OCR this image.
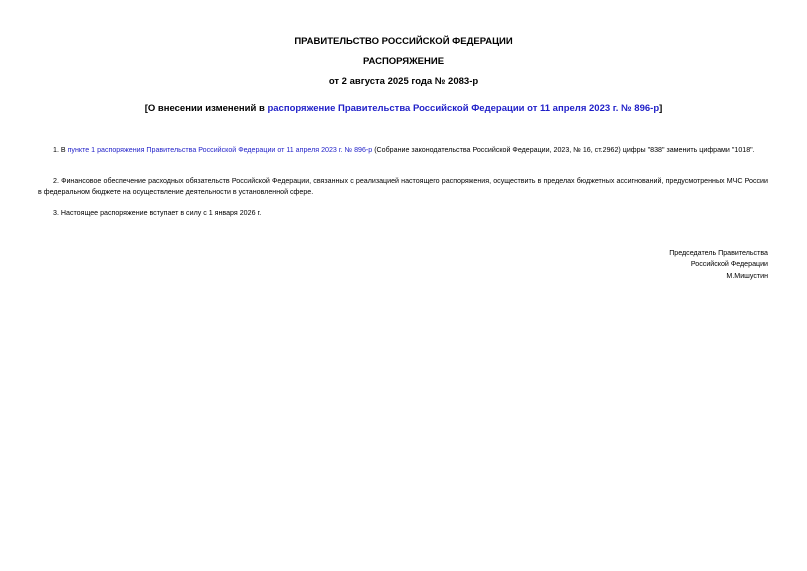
ПРАВИТЕЛЬСТВО РОССИЙСКОЙ ФЕДЕРАЦИИ
РАСПОРЯЖЕНИЕ
от 2 августа 2025 года № 2083-р
[О внесении изменений в распоряжение Правительства Российской Федерации от 11 апреля 2023 г. № 896-р]
1. В пункте 1 распоряжения Правительства Российской Федерации от 11 апреля 2023 г. № 896-р (Собрание законодательства Российской Федерации, 2023, № 16, ст.2962) цифры "838" заменить цифрами "1018".
2. Финансовое обеспечение расходных обязательств Российской Федерации, связанных с реализацией настоящего распоряжения, осуществить в пределах бюджетных ассигнований, предусмотренных МЧС России в федеральном бюджете на осуществление деятельности в установленной сфере.
3. Настоящее распоряжение вступает в силу с 1 января 2026 г.
Председатель Правительства
Российской Федерации
М.Мишустин
